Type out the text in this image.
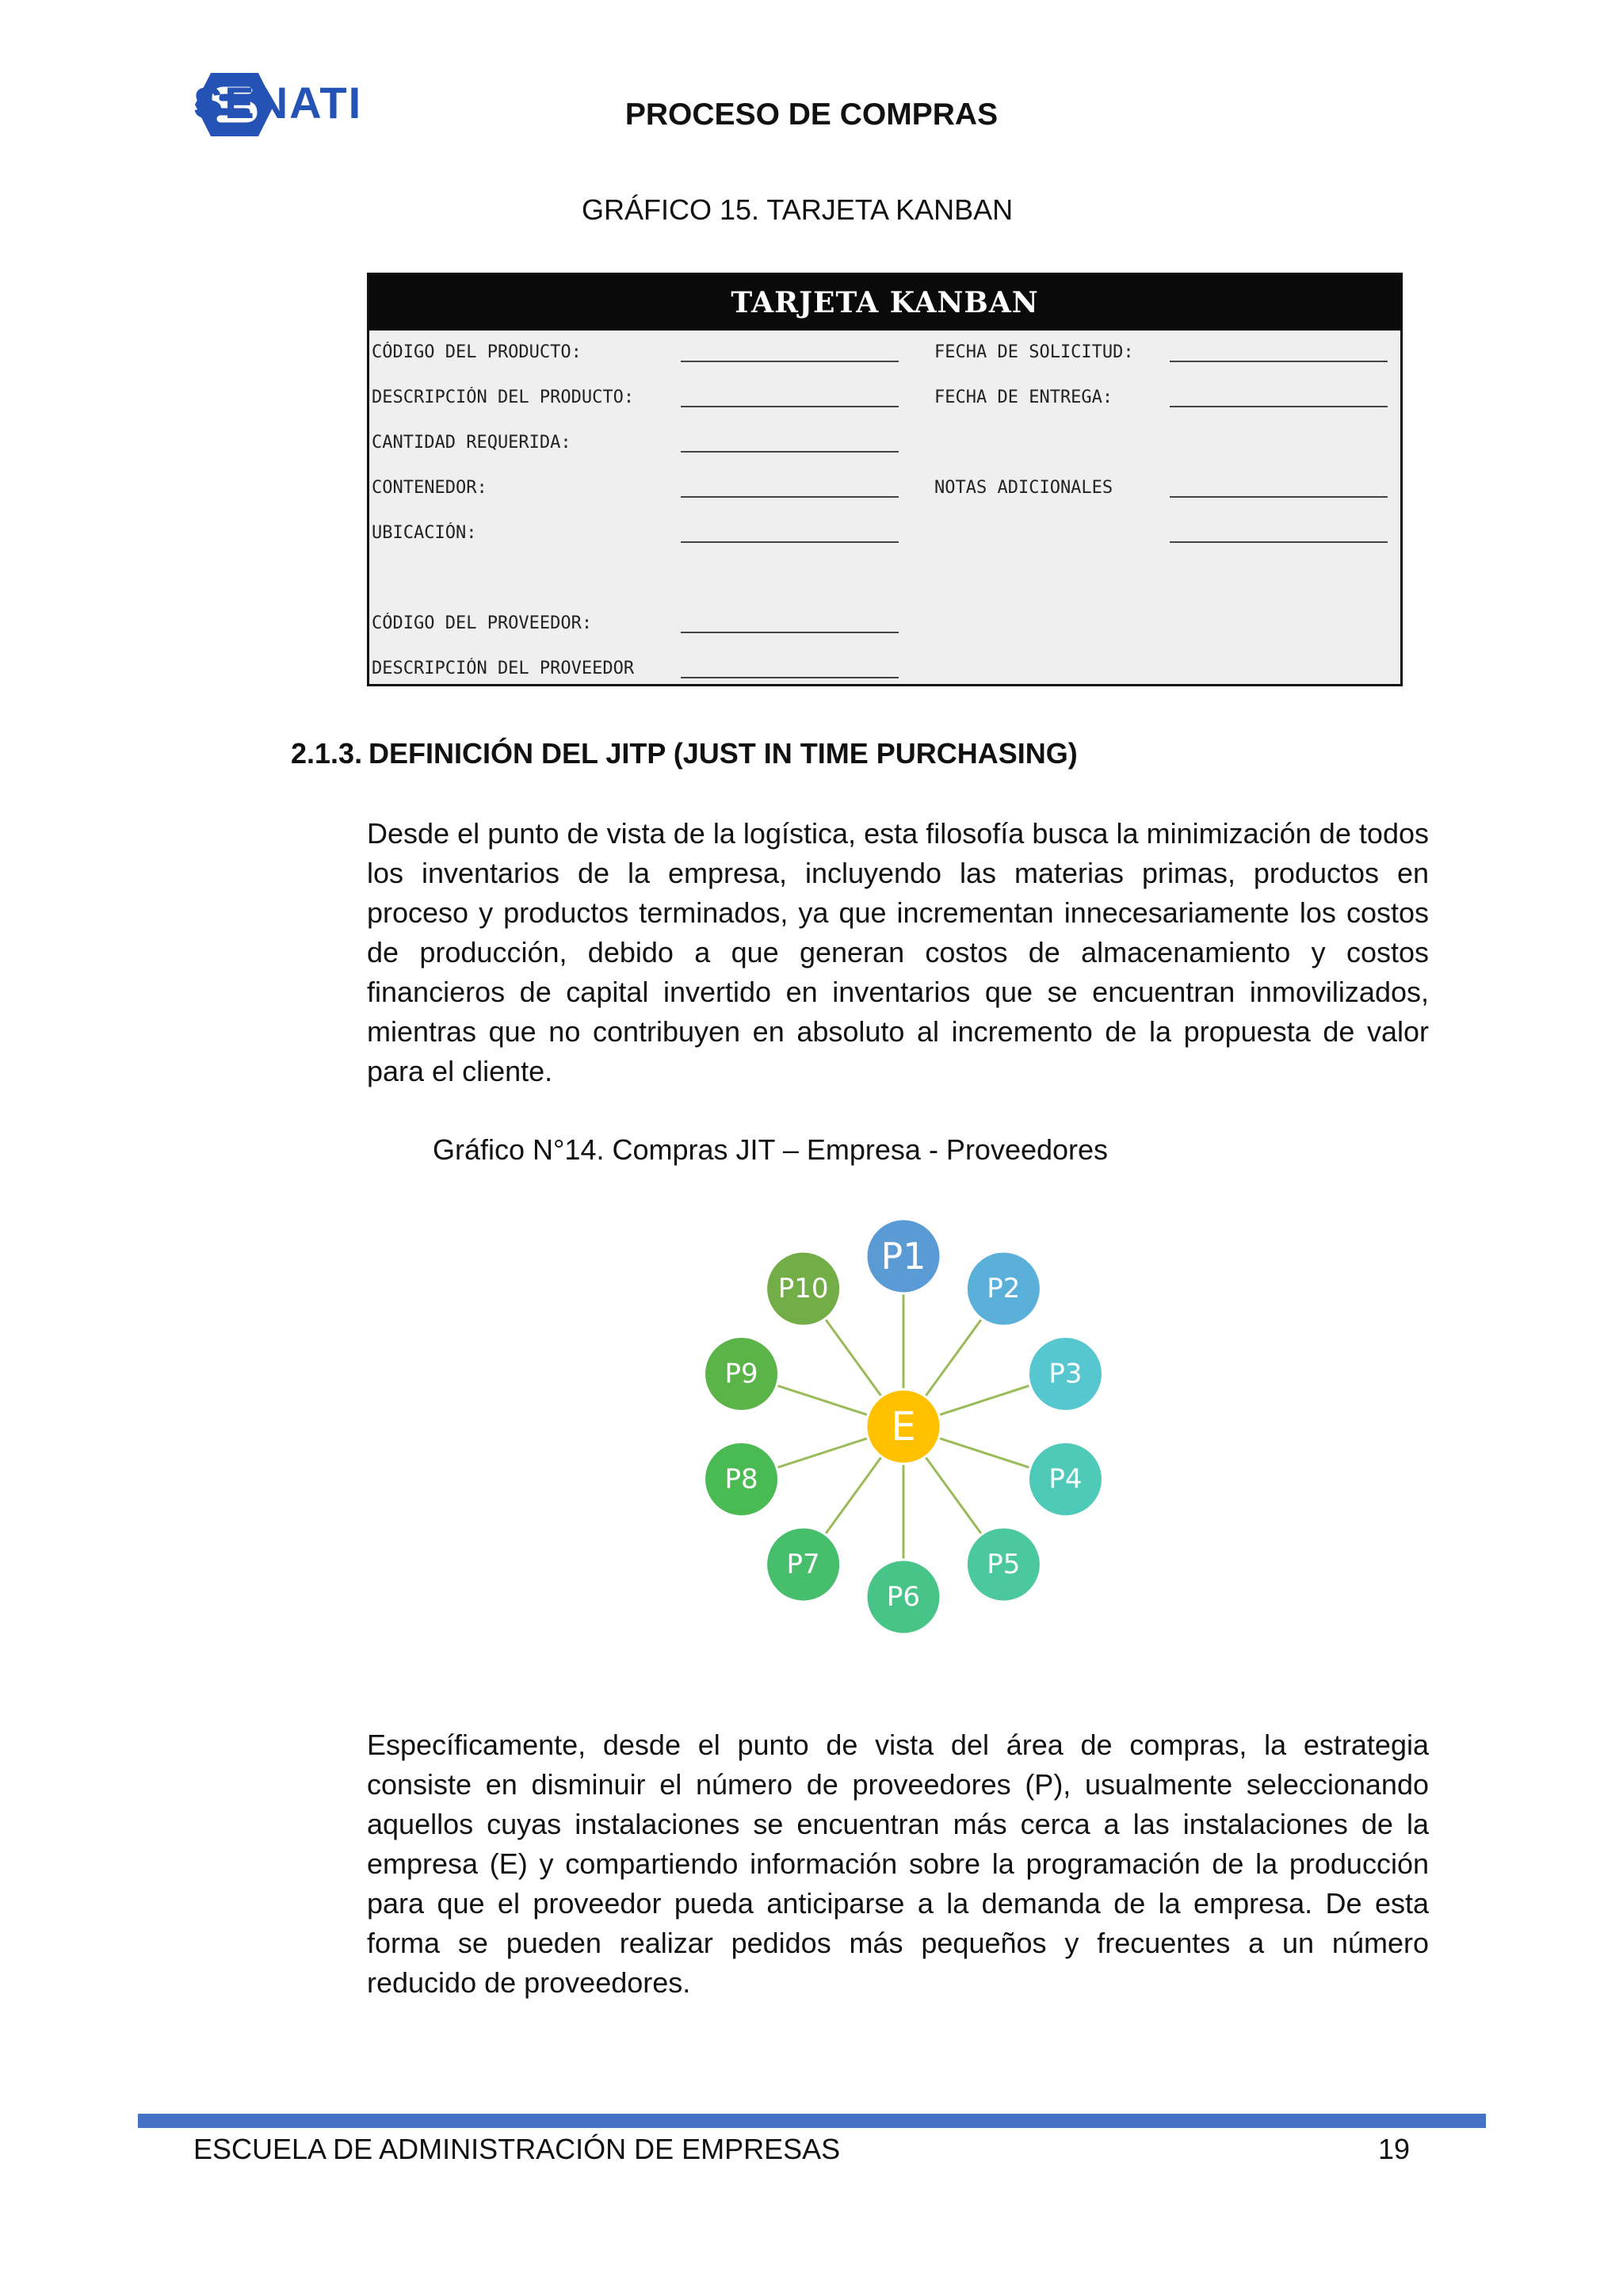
SENATI	PROCESO DE COMPRAS
GRÁFICO 15. TARJETA KANBAN
TARJETA KANBAN
CÓDIGO DEL PRODUCTO:
DESCRIPCIÓN DEL PRODUCTO:
CANTIDAD REQUERIDA:
CONTENEDOR:
UBICACIÓN:
CÓDIGO DEL PROVEEDOR:
DESCRIPCIÓN DEL PROVEEDOR
FECHA DE SOLICITUD:
FECHA DE ENTREGA:
NOTAS ADICIONALES
2.1.3. DEFINICIÓN DEL JITP (JUST IN TIME PURCHASING)
Desde el punto de vista de la logística, esta filosofía busca la minimización de todos los inventarios de la empresa, incluyendo las materias primas, productos en proceso y productos terminados, ya que incrementan innecesariamente los costos de producción, debido a que generan costos de almacenamiento y costos financieros de capital invertido en inventarios que se encuentran inmovilizados, mientras que no contribuyen en absoluto al incremento de la propuesta de valor para el cliente.
Gráfico N°14. Compras JIT – Empresa - Proveedores
P1
P2
P3
P4
P5
P6
P7
P8
P9
P10
E
Específicamente, desde el punto de vista del área de compras, la estrategia consiste en disminuir el número de proveedores (P), usualmente seleccionando aquellos cuyas instalaciones se encuentran más cerca a las instalaciones de la empresa (E) y compartiendo información sobre la programación de la producción para que el proveedor pueda anticiparse a la demanda de la empresa. De esta forma se pueden realizar pedidos más pequeños y frecuentes a un número reducido de proveedores.
ESCUELA DE ADMINISTRACIÓN DE EMPRESAS	19
